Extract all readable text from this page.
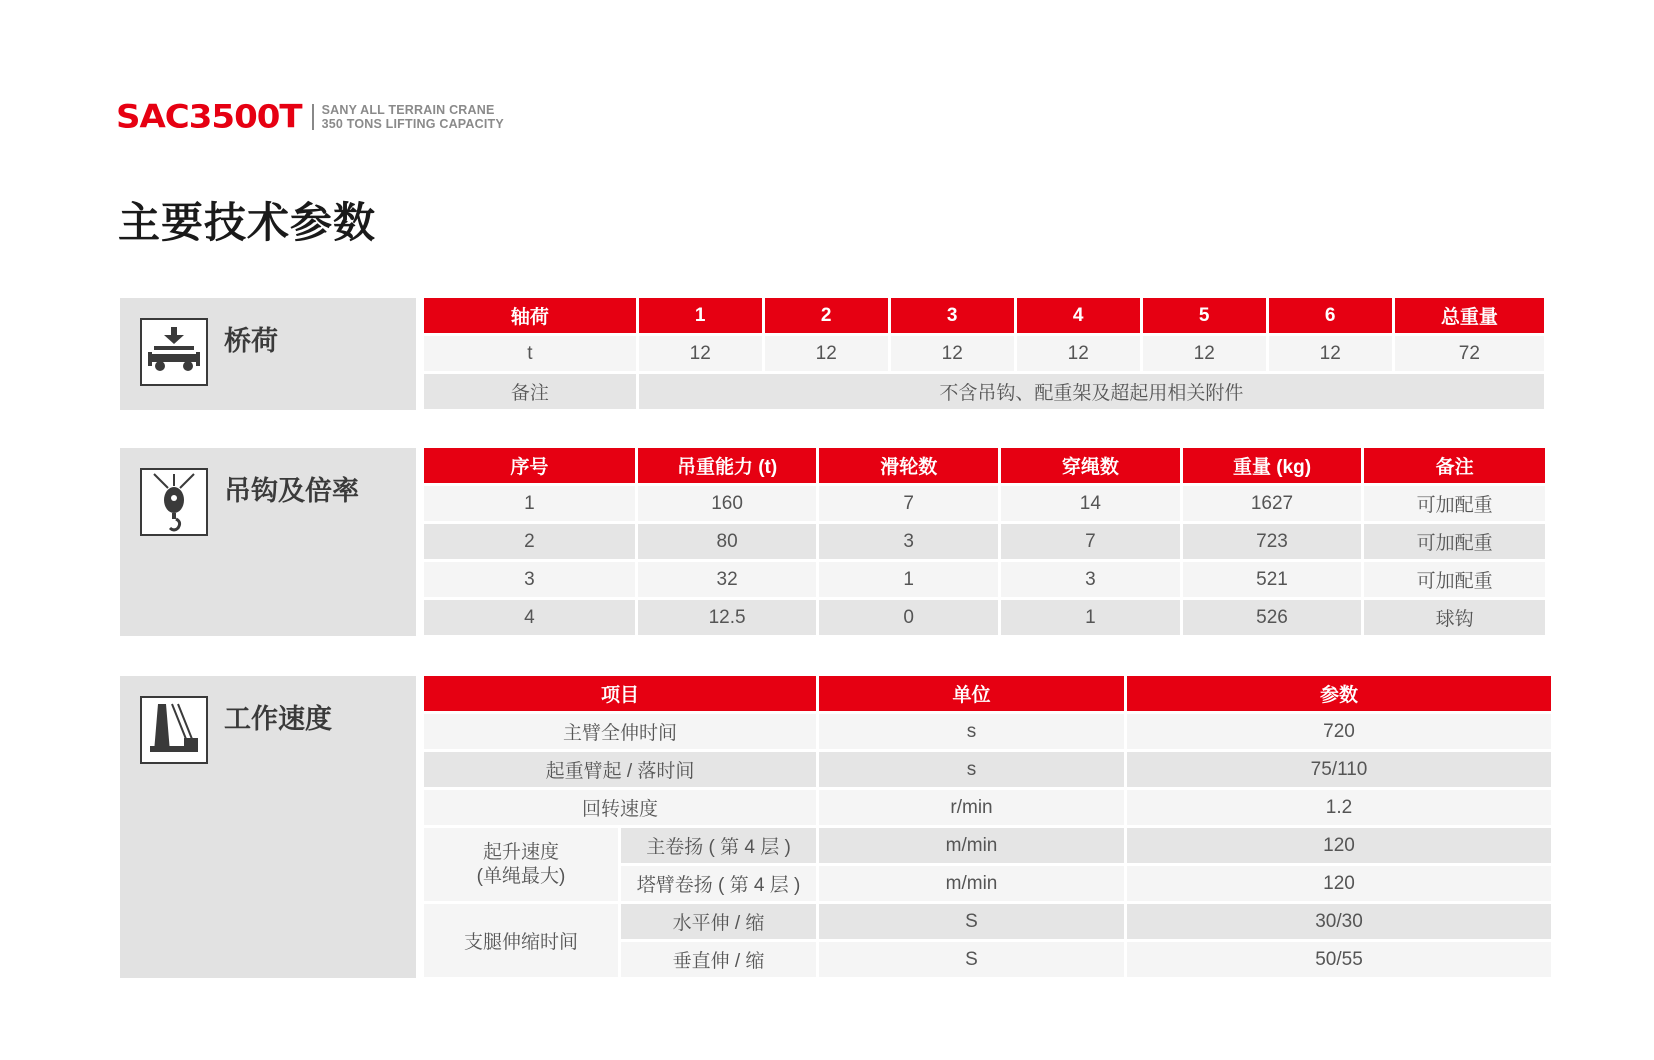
SAC3500T SANY ALL TERRAIN CRANE
350 TONS LIFTING CAPACITY
主要技术参数
桥荷
轴荷	1	2	3	4	5	6	总重量
t	12	12	12	12	12	12	72
备注	不含吊钩、配重架及超起用相关附件						
吊钩及倍率
序号	吊重能力 (t)	滑轮数	穿绳数	重量 (kg)	备注
1	160	7	14	1627	可加配重
2	80	3	7	723	可加配重
3	32	1	3	521	可加配重
4	12.5	0	1	526	球钩
工作速度
项目		单位	参数
主臂全伸时间		s	720
起重臂起 / 落时间		s	75/110
回转速度		r/min	1.2

起升速度
(单绳最大)	主卷扬 ( 第 4 层 )	m/min	120
	塔臂卷扬 ( 第 4 层 )	m/min	120
支腿伸缩时间	水平伸 / 缩	S	30/30
	垂直伸 / 缩	S	50/55
